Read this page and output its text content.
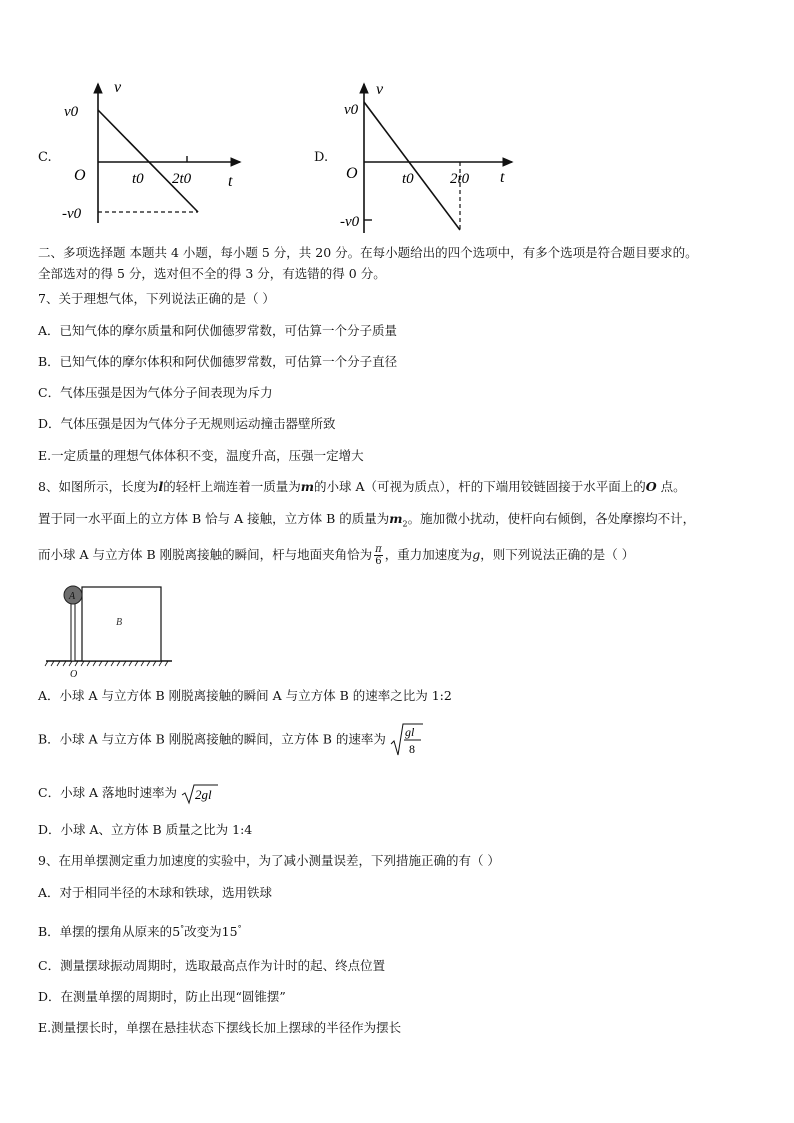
C.
v
v0
O	t0 2t0 t
-v0
D.
v
v0
O	t0 2t0 t
-v0
二、多项选择题 本题共 4 小题，每小题 5 分，共 20 分。在每小题给出的四个选项中，有多个选项是符合题目要求的。
全部选对的得 5 分，选对但不全的得 3 分，有选错的得 0 分。
7、关于理想气体，下列说法正确的是（ ）
A．已知气体的摩尔质量和阿伏伽德罗常数，可估算一个分子质量
B．已知气体的摩尔体积和阿伏伽德罗常数，可估算一个分子直径
C．气体压强是因为气体分子间表现为斥力
D．气体压强是因为气体分子无规则运动撞击器壁所致
E.一定质量的理想气体体积不变，温度升高，压强一定增大
8、如图所示，长度为l的轻杆上端连着一质量为m的小球 A（可视为质点），杆的下端用铰链固接于水平面上的O 点。
置于同一水平面上的立方体 B 恰与 A 接触，立方体 B 的质量为$m_2$。施加微小扰动，使杆向右倾倒，各处摩擦均不计，
而小球 A 与立方体 B 刚脱离接触的瞬间，杆与地面夹角恰为 $\frac{\pi}{6}$ ，重力加速度为g，则下列说法正确的是（ ）
A
B
O
A．小球 A 与立方体 B 刚脱离接触的瞬间 A 与立方体 B 的速率之比为 1:2
B．小球 A 与立方体 B 刚脱离接触的瞬间，立方体 B 的速率为 gl
8
C．小球 A 落地时速率为 2gl
D．小球 A、立方体 B 质量之比为 1:4
9、在用单摆测定重力加速度的实验中，为了减小测量误差，下列措施正确的有（ ）
A．对于相同半径的木球和铁球，选用铁球
B．单摆的摆角从原来的5°改变为15°
C．测量摆球振动周期时，选取最高点作为计时的起、终点位置
D．在测量单摆的周期时，防止出现“圆锥摆”
E.测量摆长时，单摆在悬挂状态下摆线长加上摆球的半径作为摆长
